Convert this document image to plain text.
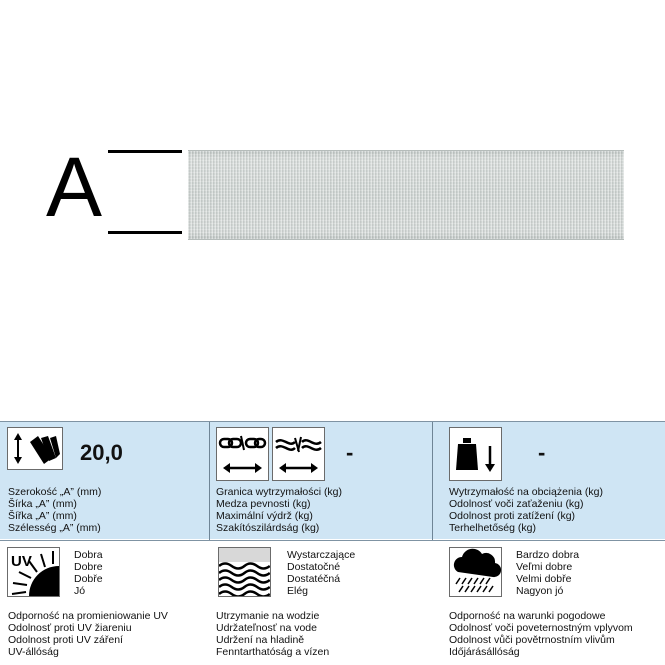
A
20,0
Szerokość „A” (mm)
Šírka „A” (mm)
Šířka „A” (mm)
Szélesség „A” (mm)
-
Granica wytrzymałości (kg)
Medza pevnosti (kg)
Maximální výdrž (kg)
Szakítószilárdság (kg)
-
Wytrzymałość na obciążenia (kg)
Odolnosť voči zaťaženiu (kg)
Odolnost proti zatížení (kg)
Terhelhetőség (kg)
UV	Dobra
Dobre
Dobře
Jó
Odporność na promieniowanie UV
Odolnosť proti UV žiareniu
Odolnost proti UV záření
UV-állóság
Wystarczające
Dostatočné
Dostatéčná
Elég
Utrzymanie na wodzie
Udržateľnosť na vode
Udržení na hladině
Fenntarthatóság a vízen
Bardzo dobra
Veľmi dobre
Velmi dobře
Nagyon jó
Odporność na warunki pogodowe
Odolnosť voči poveternostným vplyvom
Odolnost vůči povětrnostním vlivům
Időjárásállóság
